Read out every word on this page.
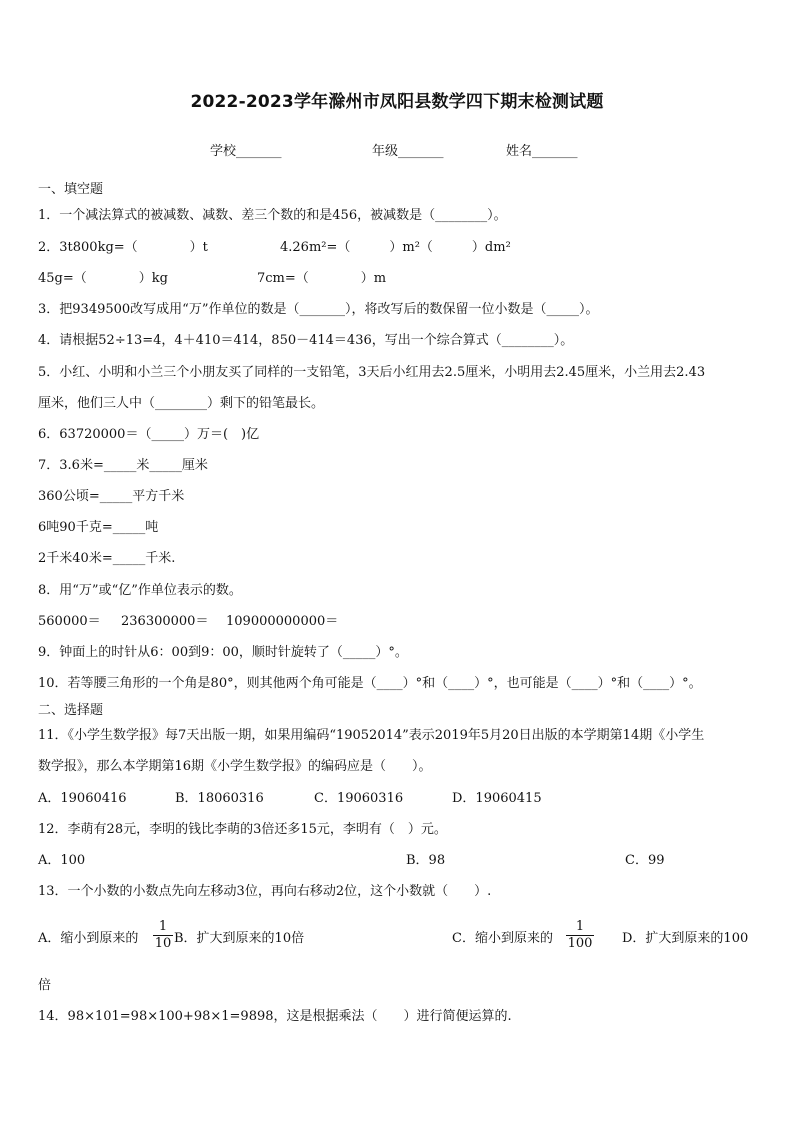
2022-2023学年滁州市凤阳县数学四下期末检测试题
学校_______	年级_______	姓名_______
一、填空题
1．一个减法算式的被减数、减数、差三个数的和是456，被减数是（________）。
2．3t800kg=（　　　　）t	4.26m²=（　　　）m²（　　　）dm²
45g=（　　　　）kg	7cm=（　　　　）m
3．把9349500改写成用“万”作单位的数是（_______），将改写后的数保留一位小数是（_____）。
4．请根据52÷13=4，4＋410＝414，850－414＝436，写出一个综合算式（________）。
5．小红、小明和小兰三个小朋友买了同样的一支铅笔，3天后小红用去2.5厘米，小明用去2.45厘米，小兰用去2.43
厘米，他们三人中（________）剩下的铅笔最长。
6．63720000＝（_____）万＝(　)亿
7．3.6米=_____米_____厘米
360公顷=_____平方千米
6吨90千克=_____吨
2千米40米=_____千米.
8．用“万”或“亿”作单位表示的数。
560000＝ 236300000＝ 109000000000＝
9．钟面上的时针从6：00到9：00，顺时针旋转了（_____）°。
10．若等腰三角形的一个角是80°，则其他两个角可能是（____）°和（____）°，也可能是（____）°和（____）°。
二、选择题
11．《小学生数学报》每7天出版一期，如果用编码“19052014”表示2019年5月20日出版的本学期第14期《小学生
数学报》，那么本学期第16期《小学生数学报》的编码应是（　　）。
A．19060416	B．18060316	C．19060316	D．19060415
12．李萌有28元，李明的钱比李萌的3倍还多15元，李明有（　）元。
A．100	B．98	C．99
13．一个小数的小数点先向左移动3位，再向右移动2位，这个小数就（　　）.
A．缩小到原来的
1
10 B．扩大到原来的10倍	C．缩小到原来的
1
100 D．扩大到原来的100
倍
14．98×101=98×100+98×1=9898，这是根据乘法（　　）进行简便运算的.
